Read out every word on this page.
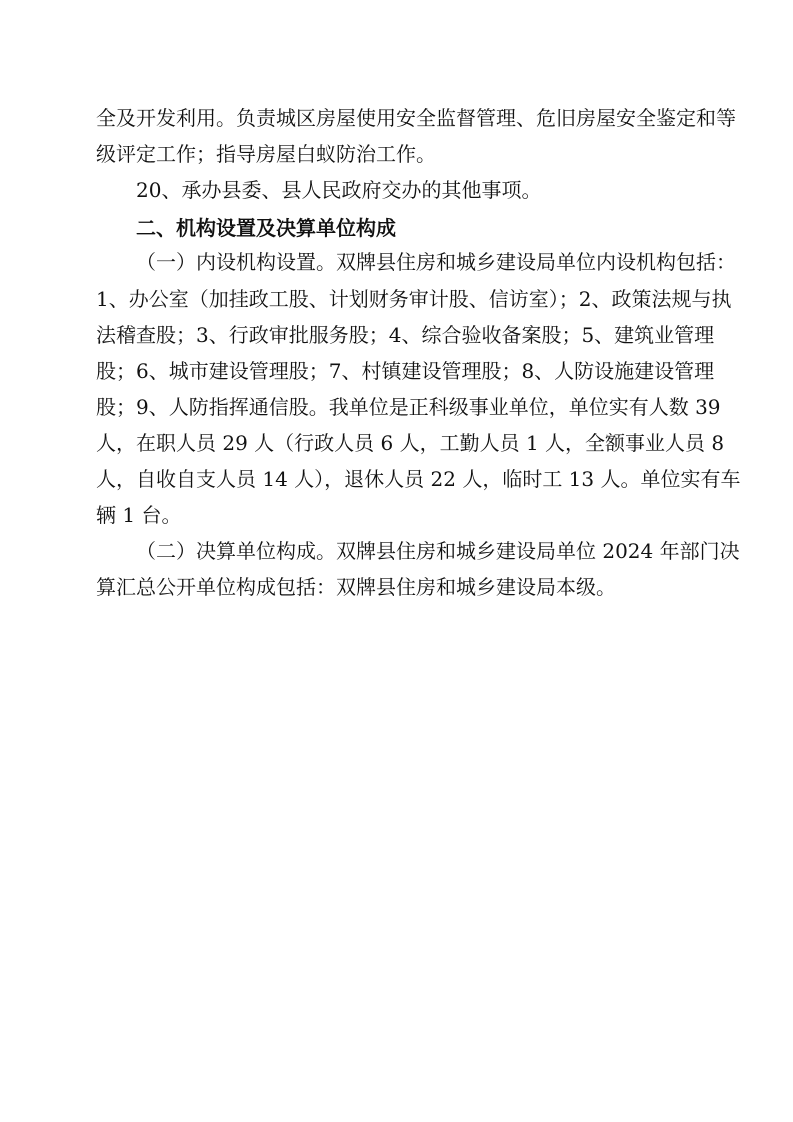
全及开发利用。负责城区房屋使用安全监督管理、危旧房屋安全鉴定和等
级评定工作；指导房屋白蚁防治工作。
20、承办县委、县人民政府交办的其他事项。
二、机构设置及决算单位构成
（一）内设机构设置。双牌县住房和城乡建设局单位内设机构包括：
1、办公室（加挂政工股、计划财务审计股、信访室）；2、政策法规与执
法稽查股；3、行政审批服务股；4、综合验收备案股；5、建筑业管理
股；6、城市建设管理股；7、村镇建设管理股；8、人防设施建设管理
股；9、人防指挥通信股。我单位是正科级事业单位，单位实有人数 39
人，在职人员 29 人（行政人员 6 人，工勤人员 1 人，全额事业人员 8
人，自收自支人员 14 人），退休人员 22 人，临时工 13 人。单位实有车
辆 1 台。
（二）决算单位构成。双牌县住房和城乡建设局单位 2024 年部门决
算汇总公开单位构成包括：双牌县住房和城乡建设局本级。
